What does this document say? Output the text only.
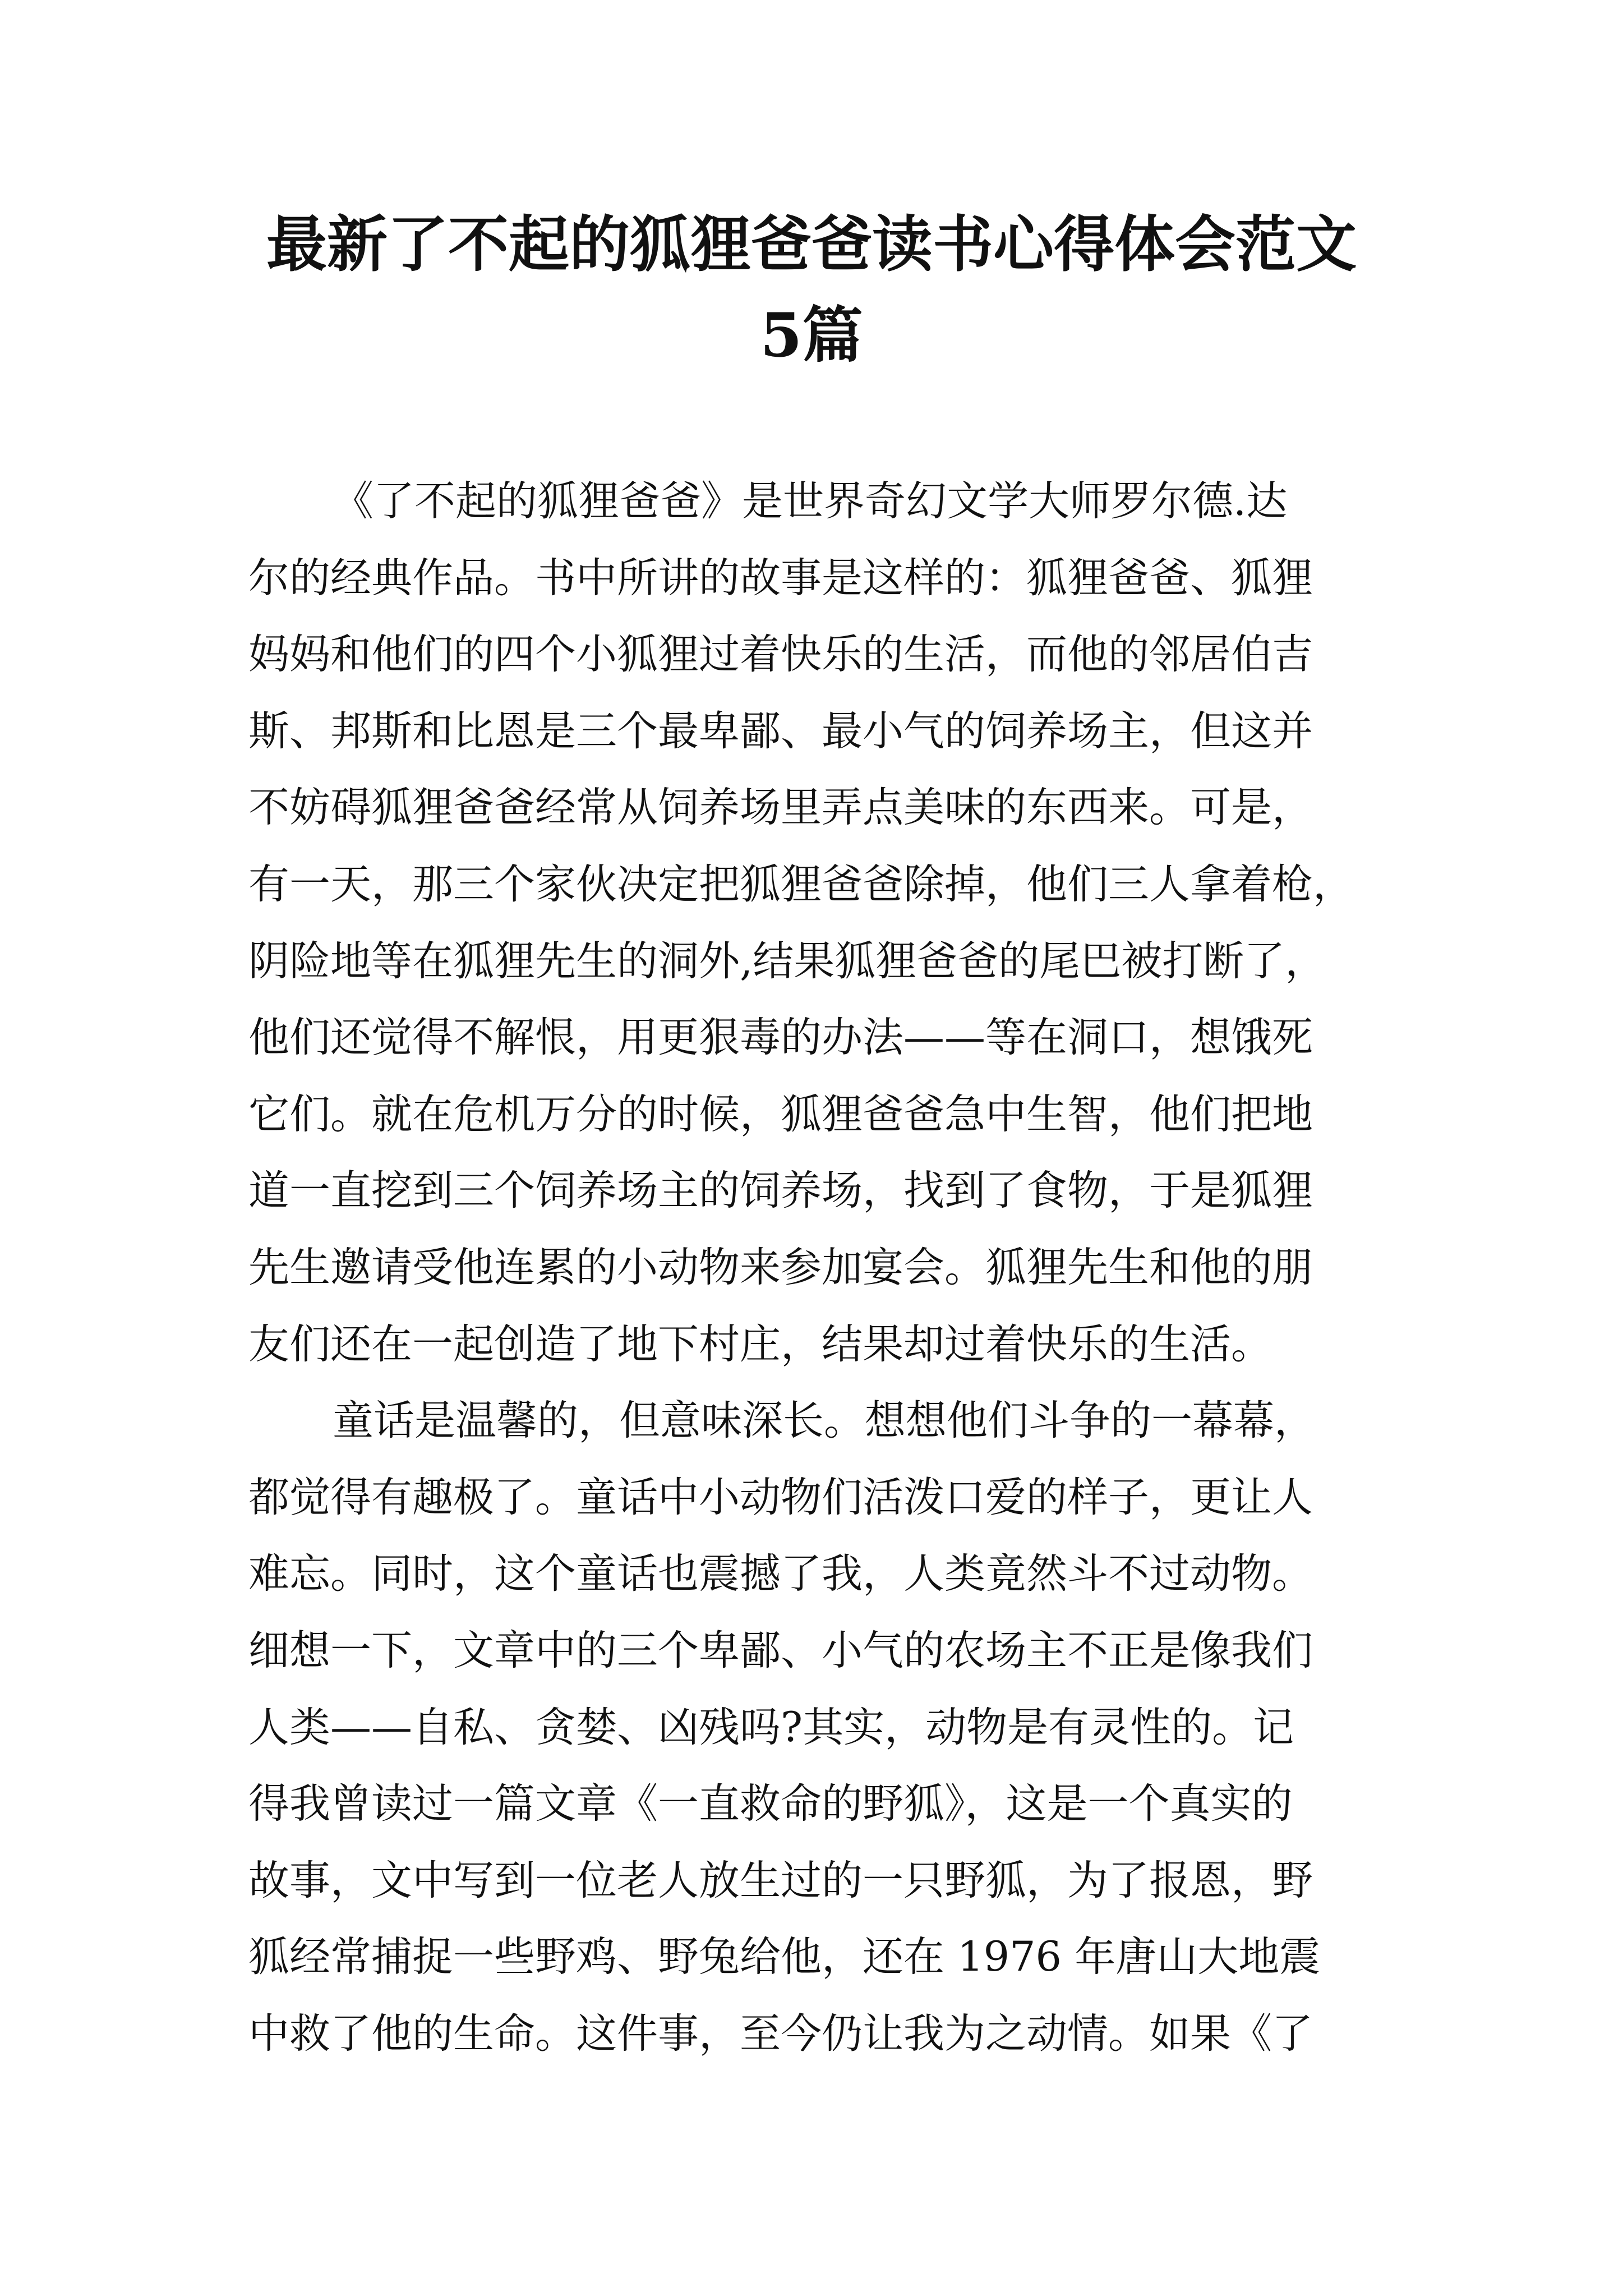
最新了不起的狐狸爸爸读书心得体会范文
5篇

《了不起的狐狸爸爸》是世界奇幻文学大师罗尔德.达
尔的经典作品。书中所讲的故事是这样的：狐狸爸爸、狐狸
妈妈和他们的四个小狐狸过着快乐的生活，而他的邻居伯吉
斯、邦斯和比恩是三个最卑鄙、最小气的饲养场主，但这并
不妨碍狐狸爸爸经常从饲养场里弄点美味的东西来。可是，
有一天，那三个家伙决定把狐狸爸爸除掉，他们三人拿着枪，
阴险地等在狐狸先生的洞外,结果狐狸爸爸的尾巴被打断了，
他们还觉得不解恨，用更狠毒的办法——等在洞口，想饿死
它们。就在危机万分的时候，狐狸爸爸急中生智，他们把地
道一直挖到三个饲养场主的饲养场，找到了食物，于是狐狸
先生邀请受他连累的小动物来参加宴会。狐狸先生和他的朋
友们还在一起创造了地下村庄，结果却过着快乐的生活。

童话是温馨的，但意味深长。想想他们斗争的一幕幕，
都觉得有趣极了。童话中小动物们活泼口爱的样子，更让人
难忘。同时，这个童话也震撼了我，人类竟然斗不过动物。
细想一下，文章中的三个卑鄙、小气的农场主不正是像我们
人类——自私、贪婪、凶残吗?其实，动物是有灵性的。记
得我曾读过一篇文章《一直救命的野狐》，这是一个真实的
故事，文中写到一位老人放生过的一只野狐，为了报恩，野
狐经常捕捉一些野鸡、野兔给他，还在 1976 年唐山大地震
中救了他的生命。这件事，至今仍让我为之动情。如果《了
